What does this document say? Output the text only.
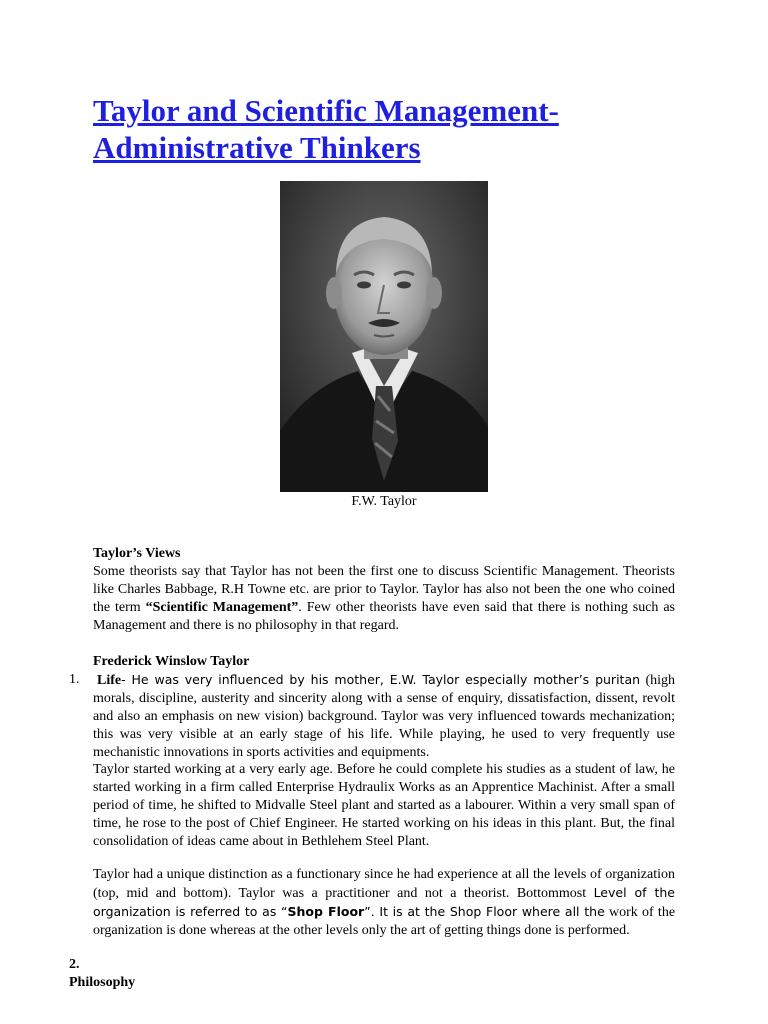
Taylor and Scientific Management-
Administrative Thinkers
F.W. Taylor
Taylor’s Views

Some theorists say that Taylor has not been the first one to discuss Scientific Management. Theorists like Charles Babbage, R.H Towne etc. are prior to Taylor. Taylor has also not been the one who coined the term “Scientific Management”. Few other theorists have even said that there is nothing such as Management and there is no philosophy in that regard.

Frederick Winslow Taylor
1. Life- He was very influenced by his mother, E.W. Taylor especially mother’s puritan (high morals, discipline, austerity and sincerity along with a sense of enquiry, dissatisfaction, dissent, revolt and also an emphasis on new vision) background. Taylor was very influenced towards mechanization; this was very visible at an early stage of his life. While playing, he used to very frequently use mechanistic innovations in sports activities and equipments.

Taylor started working at a very early age. Before he could complete his studies as a student of law, he started working in a firm called Enterprise Hydraulix Works as an Apprentice Machinist. After a small period of time, he shifted to Midvalle Steel plant and started as a labourer. Within a very small span of time, he rose to the post of Chief Engineer. He started working on his ideas in this plant. But, the final consolidation of ideas came about in Bethlehem Steel Plant.

Taylor had a unique distinction as a functionary since he had experience at all the levels of organization (top, mid and bottom). Taylor was a practitioner and not a theorist. Bottommost Level of the organization is referred to as “Shop Floor”. It is at the Shop Floor where all the work of the organization is done whereas at the other levels only the art of getting things done is performed.

2.
Philosophy
